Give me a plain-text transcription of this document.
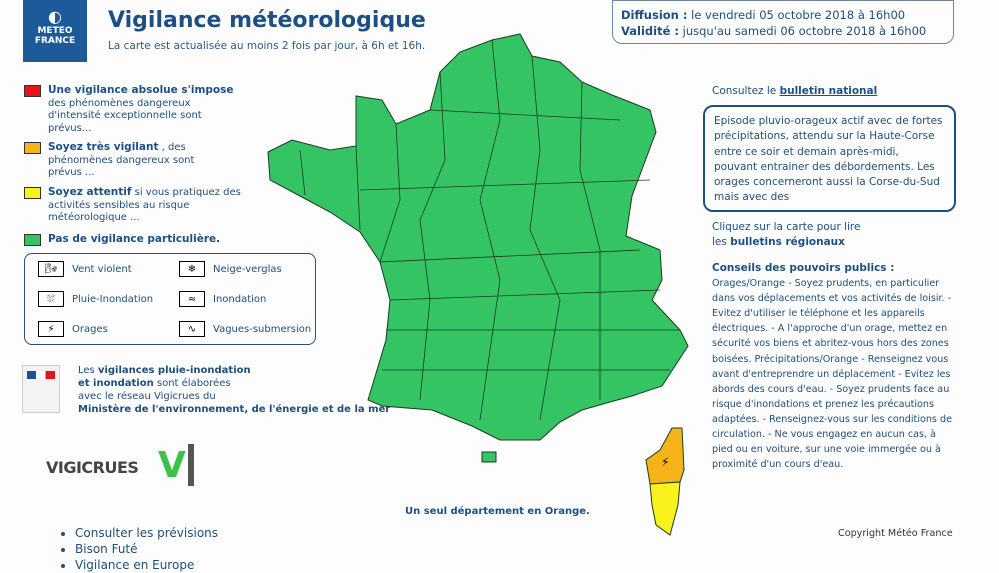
◐
METEO
FRANCE
Vigilance météorologique
La carte est actualisée au moins 2 fois par jour, à 6h et 16h.
Diffusion : le vendredi 05 octobre 2018 à 16h00
Validité : jusqu'au samedi 06 octobre 2018 à 16h00
Une vigilance absolue s'impose
des phénomènes dangereux d'intensité exceptionnelle sont prévus...
Soyez très vigilant , des phénomènes dangereux sont prévus ...
Soyez attentif si vous pratiquez des activités sensibles au risque météorologique ...
Pas de vigilance particulière.
🌬	Vent violent	❄	Neige-verglas
⛆	Pluie-Inondation	≈	Inondation
⚡	Orages	∿	Vagues-submersion
Les vigilances pluie-inondation
et inondation sont élaborées
avec le réseau Vigicrues du
Ministère de l'environnement, de l'énergie et de la mer
VIGICRUES V
• Consulter les prévisions
• Bison Futé
• Vigilance en Europe
⚡
Un seul département en Orange.
Consultez le bulletin national
Episode pluvio-orageux actif avec de fortes précipitations, attendu sur la Haute-Corse entre ce soir et demain après-midi, pouvant entrainer des débordements. Les orages concerneront aussi la Corse-du-Sud mais avec des
Cliquez sur la carte pour lire
les bulletins régionaux
Conseils des pouvoirs publics :
Orages/Orange - Soyez prudents, en particulier dans vos déplacements et vos activités de loisir. - Evitez d'utiliser le téléphone et les appareils électriques. - A l'approche d'un orage, mettez en sécurité vos biens et abritez-vous hors des zones boisées. Précipitations/Orange - Renseignez vous avant d'entreprendre un déplacement - Evitez les abords des cours d'eau. - Soyez prudents face au risque d'inondations et prenez les précautions adaptées. - Renseignez-vous sur les conditions de circulation. - Ne vous engagez en aucun cas, à pied ou en voiture, sur une voie immergée ou à proximité d'un cours d'eau.
Copyright Météo France
